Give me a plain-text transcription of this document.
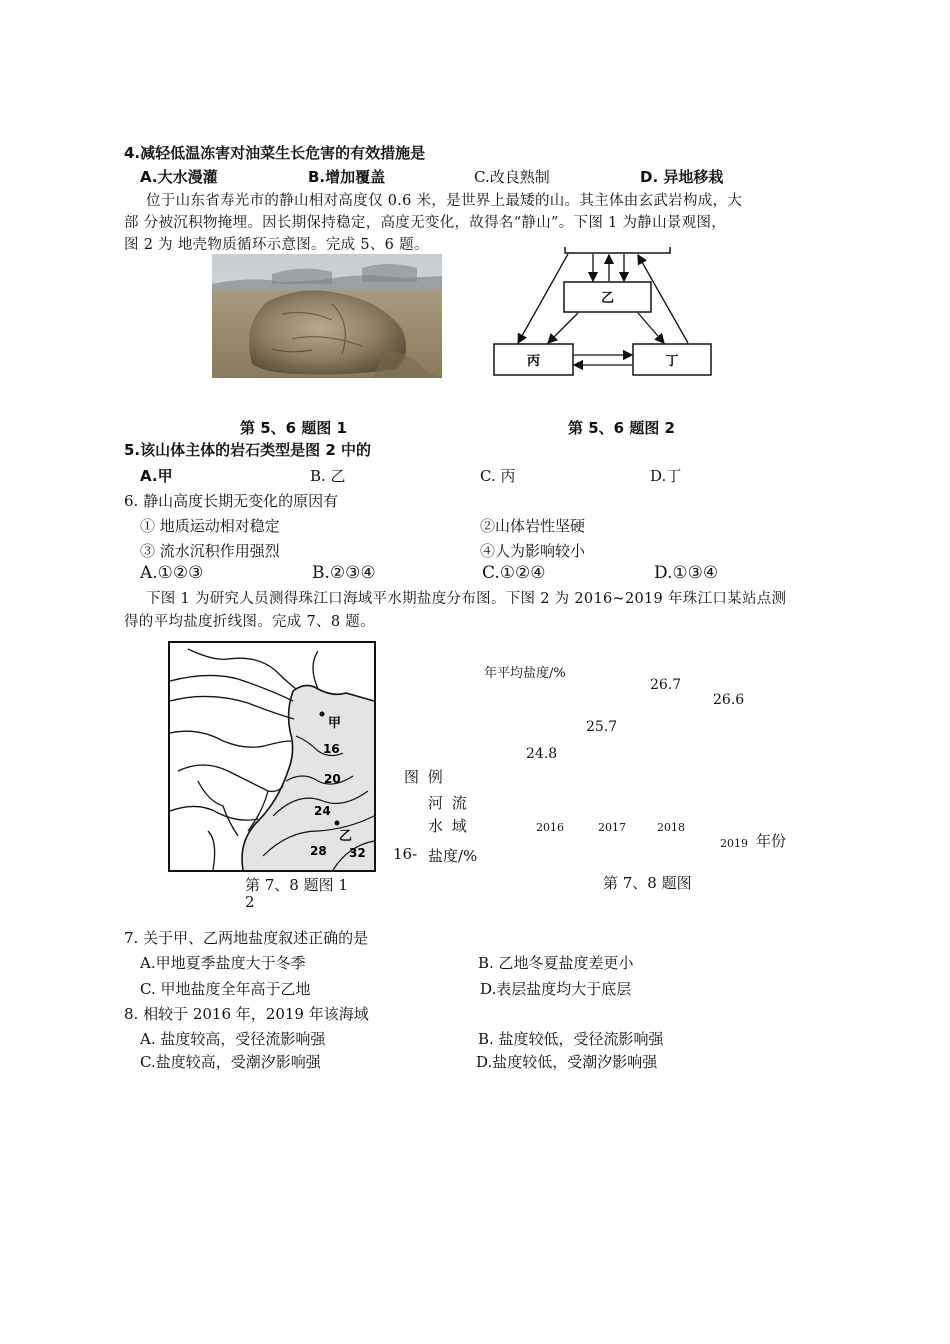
4.减轻低温冻害对油菜生长危害的有效措施是
A.大水漫灌	B.增加覆盖	C.改良熟制	D. 异地移栽
位于山东省寿光市的静山相对高度仅 0.6 米，是世界上最矮的山。其主体由玄武岩构成，大
部 分被沉积物掩埋。因长期保持稳定，高度无变化，故得名“静山”。下图 1 为静山景观图，
图 2 为 地壳物质循环示意图。完成 5、6 题。
乙
丙	丁
第 5、6 题图 1	第 5、6 题图 2
5.该山体主体的岩石类型是图 2 中的
A.甲	B. 乙	C. 丙	D.丁
6. 静山高度长期无变化的原因有
① 地质运动相对稳定	②山体岩性坚硬
③ 流水沉积作用强烈	④人为影响较小
A.①②③	B.②③④	C.①②④	D.①③④
下图 1 为研究人员测得珠江口海域平水期盐度分布图。下图 2 为 2016~2019 年珠江口某站点测
得的平均盐度折线图。完成 7、8 题。
甲
乙
16
20
24
28 32
第 7、8 题图 1
2
图 例
河 流
水 域
16- 盐度/%
年平均盐度/%
24.8
25.7
26.7
26.6
2016	2017	2018
2019 年份
第 7、8 题图
7. 关于甲、乙两地盐度叙述正确的是
A.甲地夏季盐度大于冬季	B. 乙地冬夏盐度差更小
C. 甲地盐度全年高于乙地	D.表层盐度均大于底层
8. 相较于 2016 年，2019 年该海域
A. 盐度较高，受径流影响强	B. 盐度较低，受径流影响强
C.盐度较高，受潮汐影响强	D.盐度较低，受潮汐影响强
